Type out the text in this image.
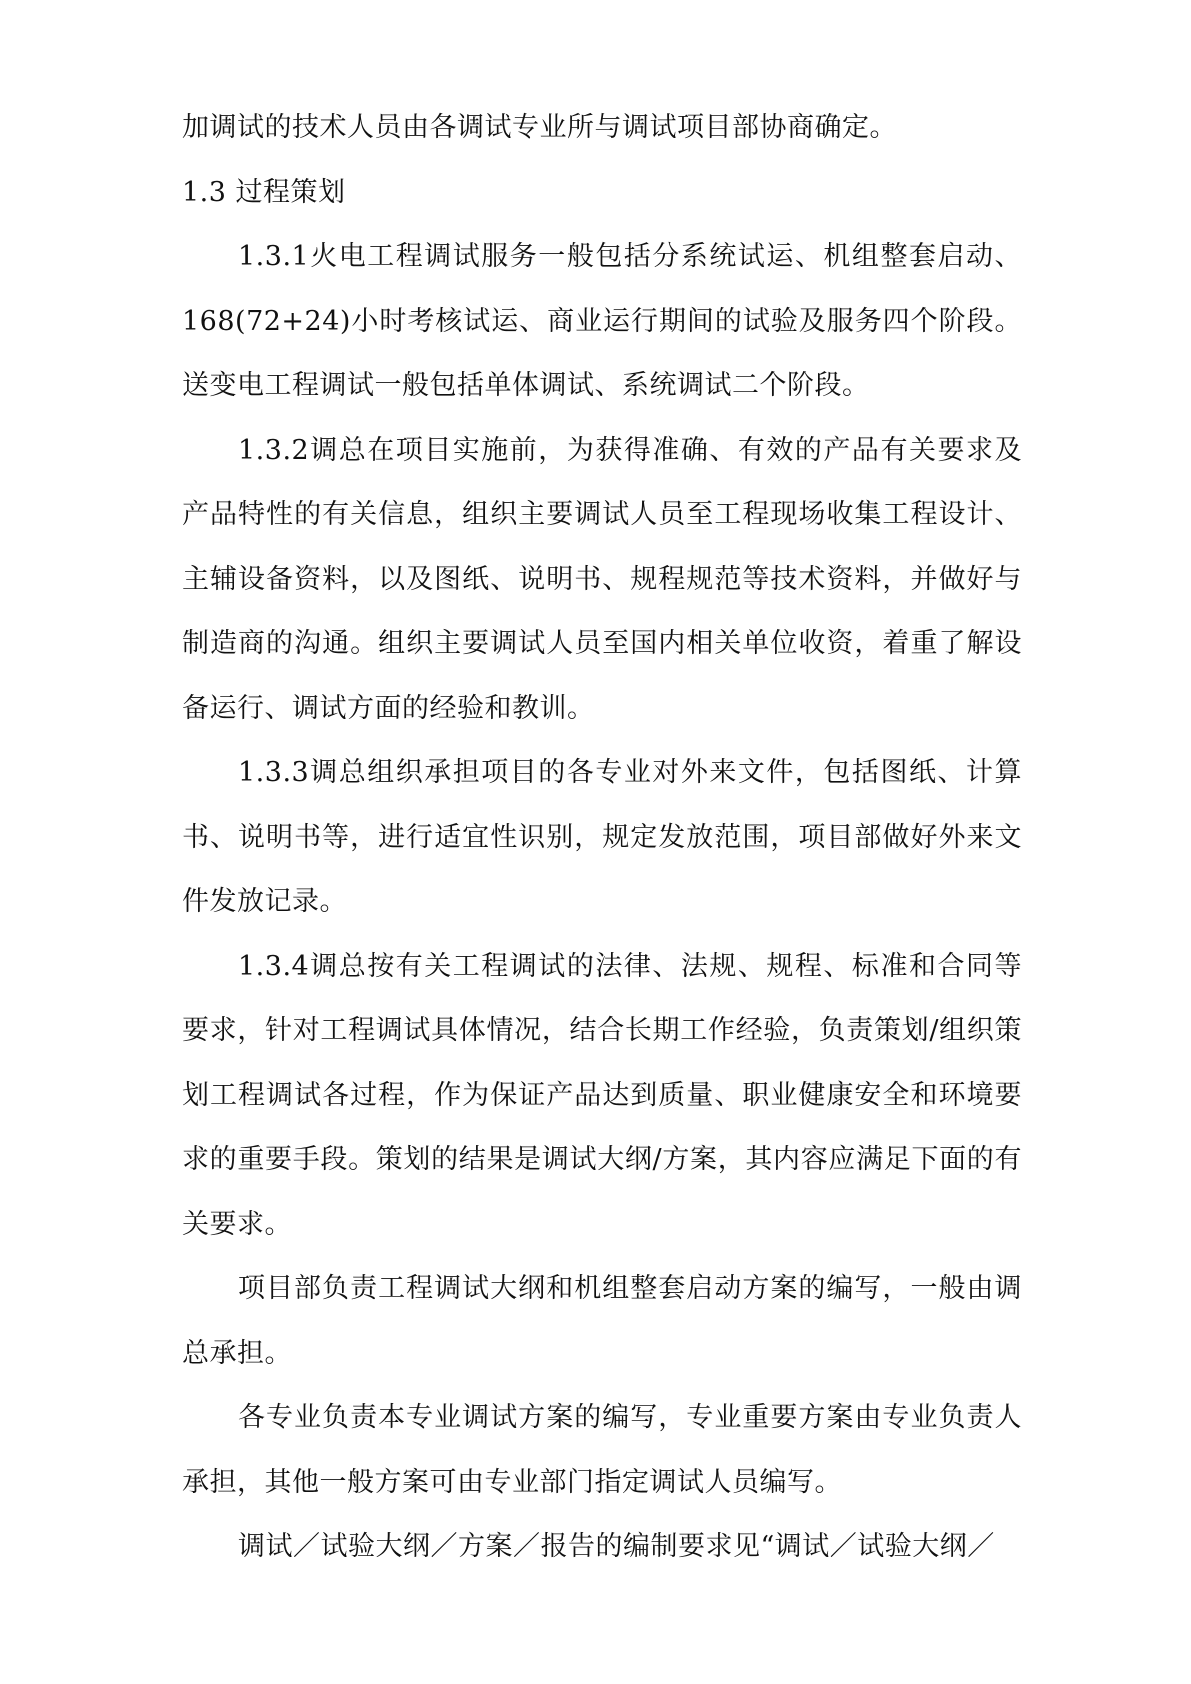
加调试的技术人员由各调试专业所与调试项目部协商确定。

1.3 过程策划

1.3.1火电工程调试服务一般包括分系统试运、机组整套启动、168(72+24)小时考核试运、商业运行期间的试验及服务四个阶段。送变电工程调试一般包括单体调试、系统调试二个阶段。

1.3.2调总在项目实施前，为获得准确、有效的产品有关要求及产品特性的有关信息，组织主要调试人员至工程现场收集工程设计、主辅设备资料，以及图纸、说明书、规程规范等技术资料，并做好与制造商的沟通。组织主要调试人员至国内相关单位收资，着重了解设备运行、调试方面的经验和教训。

1.3.3调总组织承担项目的各专业对外来文件，包括图纸、计算书、说明书等，进行适宜性识别，规定发放范围，项目部做好外来文件发放记录。

1.3.4调总按有关工程调试的法律、法规、规程、标准和合同等要求，针对工程调试具体情况，结合长期工作经验，负责策划/组织策划工程调试各过程，作为保证产品达到质量、职业健康安全和环境要求的重要手段。策划的结果是调试大纲/方案，其内容应满足下面的有关要求。

项目部负责工程调试大纲和机组整套启动方案的编写，一般由调总承担。

各专业负责本专业调试方案的编写，专业重要方案由专业负责人承担，其他一般方案可由专业部门指定调试人员编写。

调试／试验大纲／方案／报告的编制要求见“调试／试验大纲／
